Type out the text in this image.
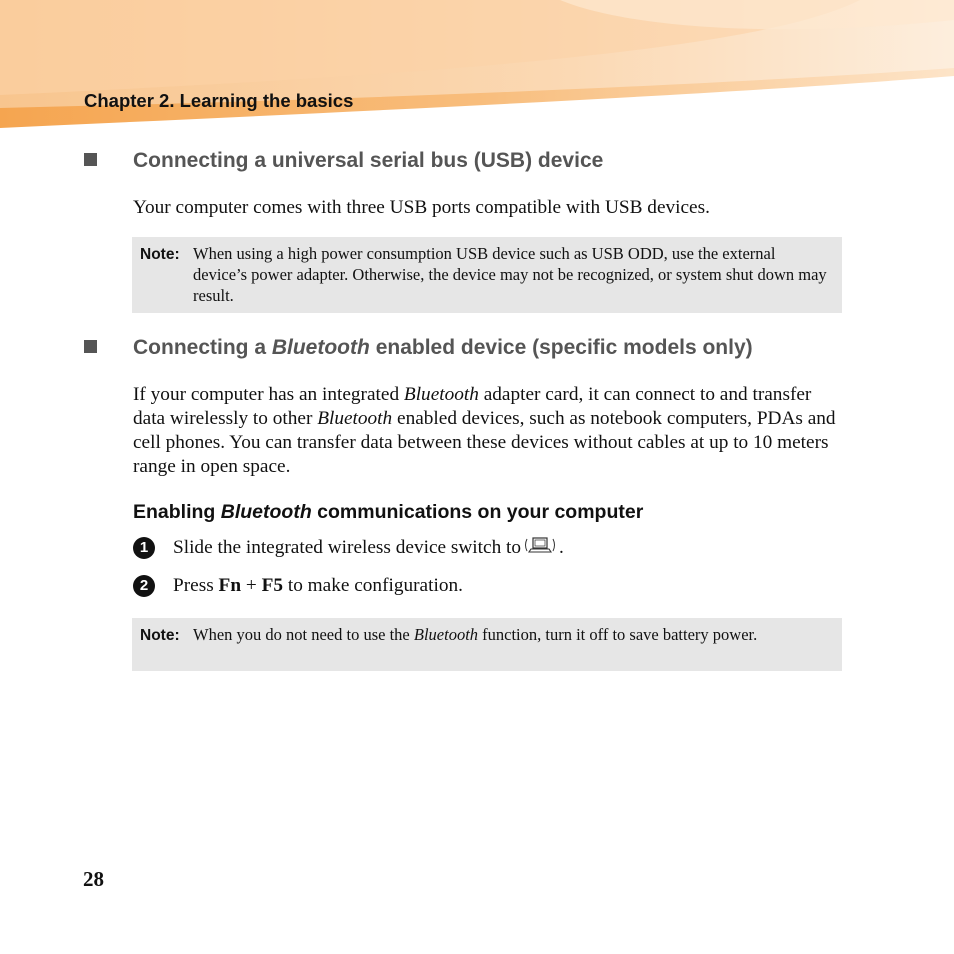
Chapter 2. Learning the basics
Connecting a universal serial bus (USB) device
Your computer comes with three USB ports compatible with USB devices.
Note: When using a high power consumption USB device such as USB ODD, use the external device’s power adapter. Otherwise, the device may not be recognized, or system shut down may result.
Connecting a Bluetooth enabled device (specific models only)
If your computer has an integrated Bluetooth adapter card, it can connect to and transfer data wirelessly to other Bluetooth enabled devices, such as notebook computers, PDAs and cell phones. You can transfer data between these devices without cables at up to 10 meters range in open space.
Enabling Bluetooth communications on your computer
1	Slide the integrated wireless device switch to .
2	Press
Fn
+
F5
to make configuration.
Note: When you do not need to use the Bluetooth function, turn it off to save battery power.
28
